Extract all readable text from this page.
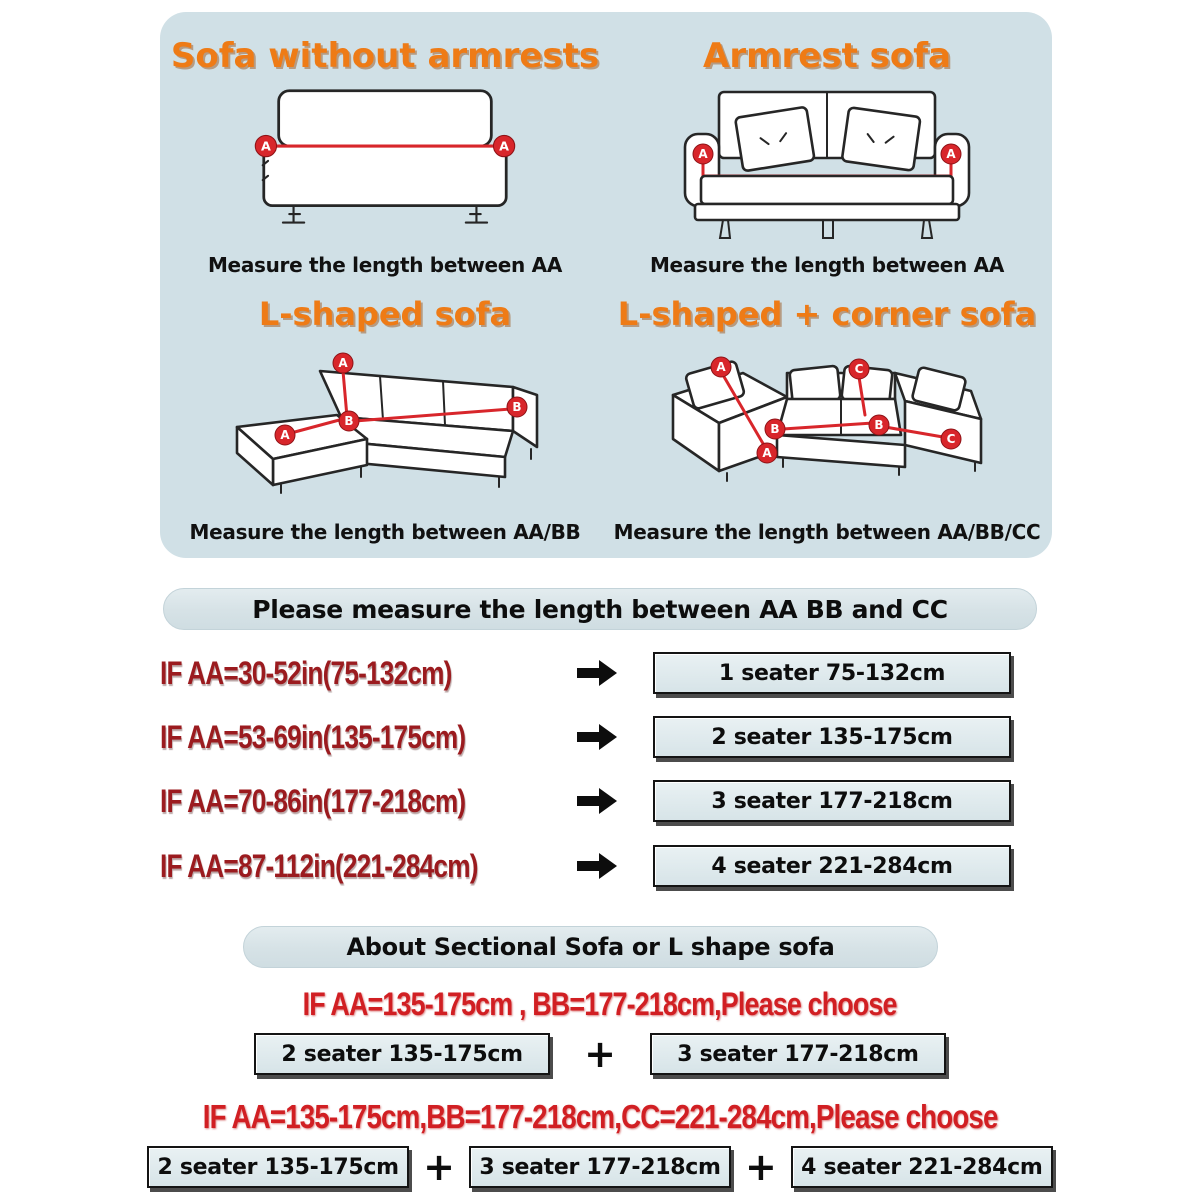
Sofa without armrests
A	A
Measure the length between AA
Armrest sofa
A	A
Measure the length between AA
L-shaped sofa
A
A
B
B
Measure the length between AA/BB
L-shaped + corner sofa
A
A
B	B
C
C
Measure the length between AA/BB/CC
Please measure the length between AA BB and CC
IF AA=30-52in(75-132cm)	1 seater 75-132cm
IF AA=53-69in(135-175cm)	2 seater 135-175cm
IF AA=70-86in(177-218cm)	3 seater 177-218cm
IF AA=87-112in(221-284cm)	4 seater 221-284cm
About Sectional Sofa or L shape sofa
IF AA=135-175cm , BB=177-218cm,Please choose
2 seater 135-175cm	+	3 seater 177-218cm
IF AA=135-175cm,BB=177-218cm,CC=221-284cm,Please choose
2 seater 135-175cm +	3 seater 177-218cm +	4 seater 221-284cm
